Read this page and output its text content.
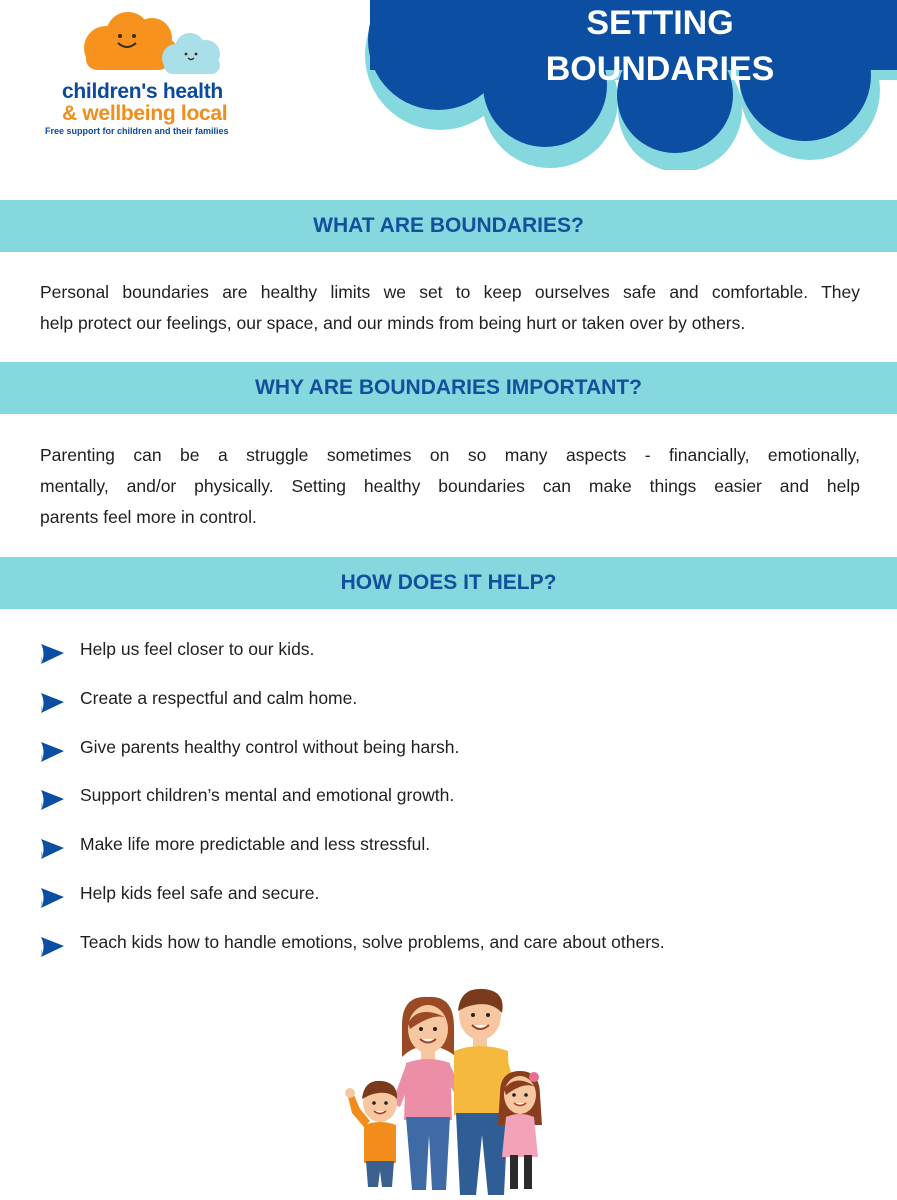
children's health
& wellbeing local
Free support for children and their families
SETTING
BOUNDARIES
WHAT ARE BOUNDARIES?
Personal boundaries are healthy limits we set to keep ourselves safe and comfortable. They
help protect our feelings, our space, and our minds from being hurt or taken over by others.
WHY ARE BOUNDARIES IMPORTANT?
Parenting can be a struggle sometimes on so many aspects - financially, emotionally,
mentally, and/or physically. Setting healthy boundaries can make things easier and help
parents feel more in control.
HOW DOES IT HELP?
Help us feel closer to our kids.
Create a respectful and calm home.
Give parents healthy control without being harsh.
Support children’s mental and emotional growth.
Make life more predictable and less stressful.
Help kids feel safe and secure.
Teach kids how to handle emotions, solve problems, and care about others.
